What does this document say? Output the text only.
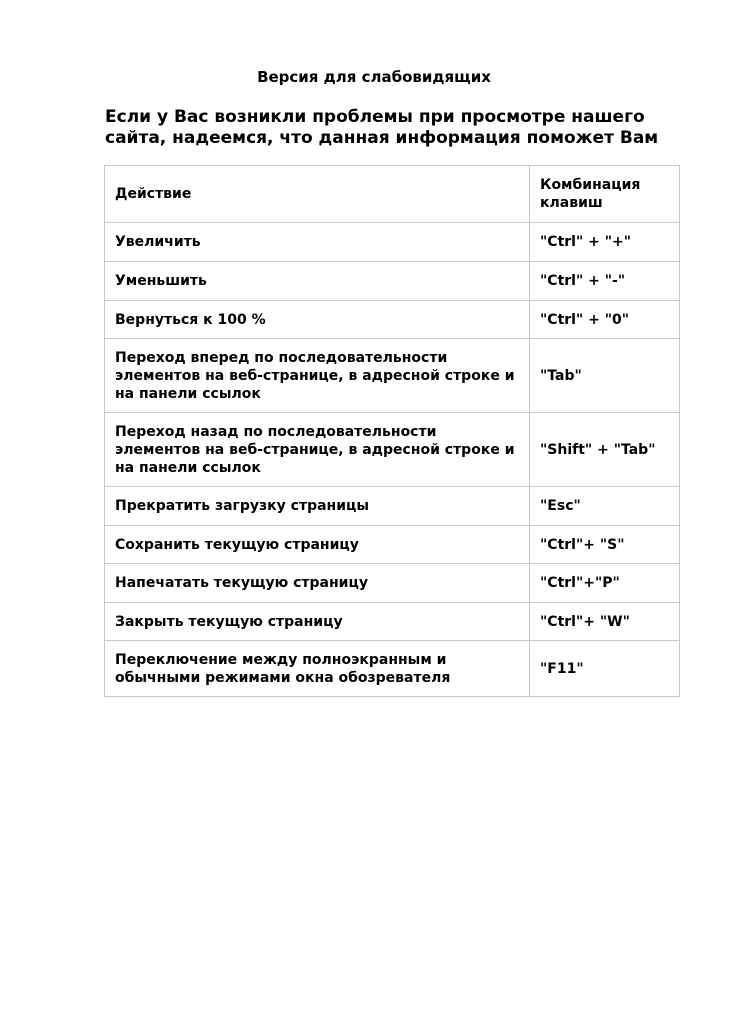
Версия для слабовидящих
Если у Вас возникли проблемы при просмотре нашего сайта, надеемся, что данная информация поможет Вам
Действие	Комбинация клавиш
Увеличить	"Ctrl" + "+"
Уменьшить	"Ctrl" + "-"
Вернуться к 100 %	"Ctrl" + "0"
Переход вперед по последовательности элементов на веб-странице, в адресной строке и на панели ссылок	"Tab"
Переход назад по последовательности элементов на веб-странице, в адресной строке и на панели ссылок	"Shift" + "Tab"
Прекратить загрузку страницы	"Esc"
Сохранить текущую страницу	"Ctrl"+ "S"
Напечатать текущую страницу	"Ctrl"+"P"
Закрыть текущую страницу	"Ctrl"+ "W"
Переключение между полноэкранным и обычными режимами окна обозревателя	"F11"
